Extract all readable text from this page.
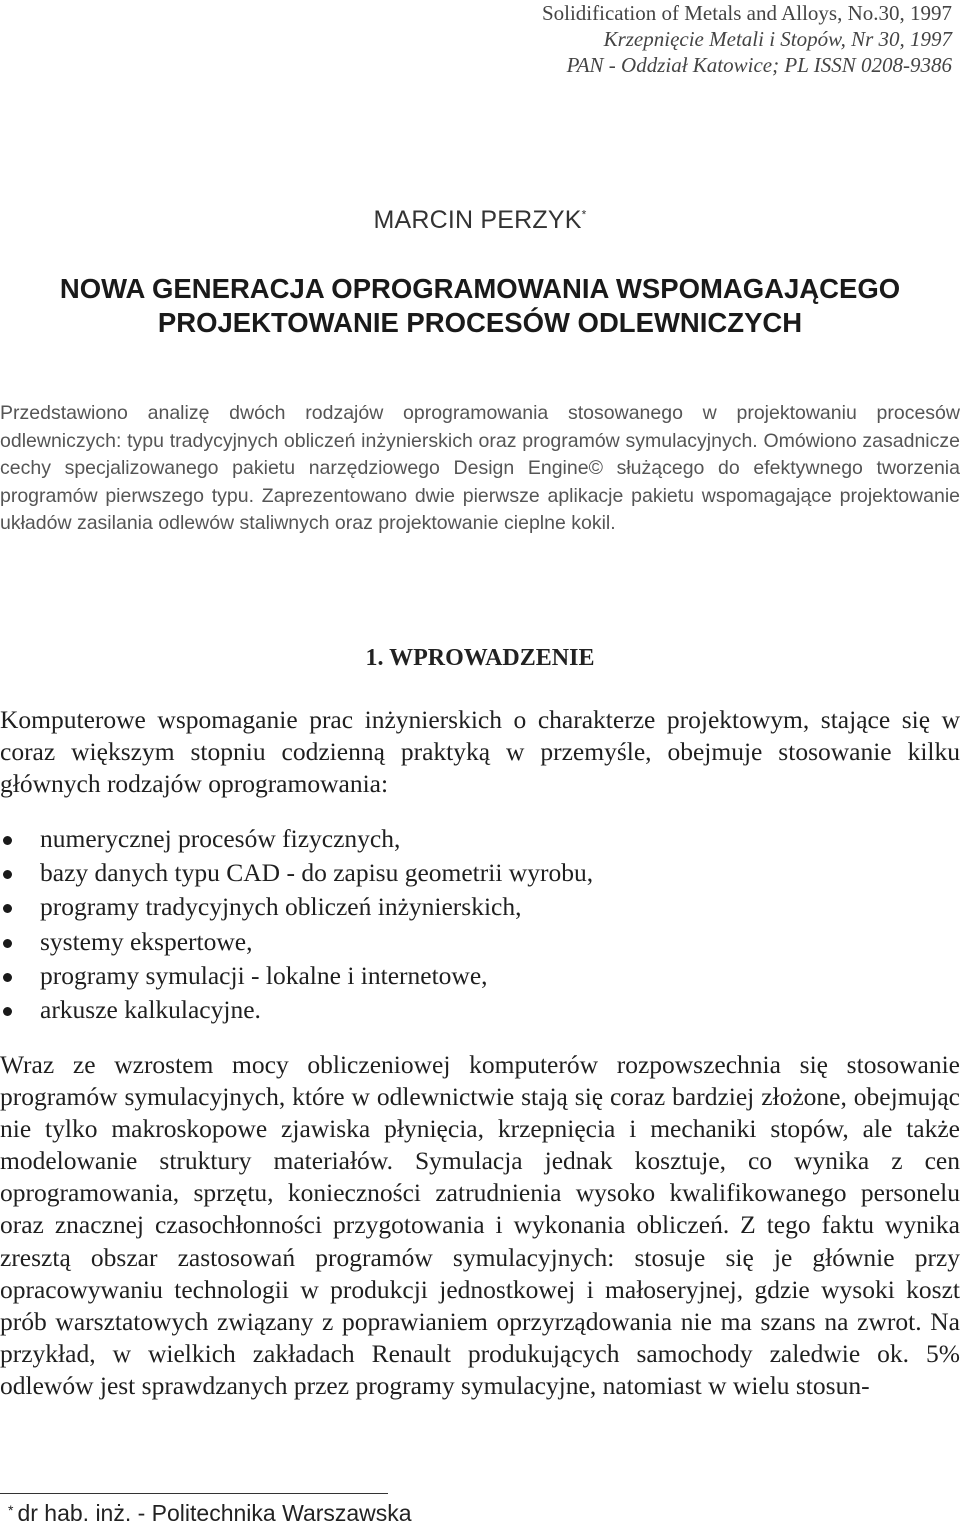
Solidification of Metals and Alloys, No.30, 1997
Krzepnięcie Metali i Stopów, Nr 30, 1997
PAN - Oddział Katowice; PL ISSN 0208-9386
MARCIN PERZYK*
NOWA GENERACJA OPROGRAMOWANIA WSPOMAGAJĄCEGO
PROJEKTOWANIE PROCESÓW ODLEWNICZYCH
Przedstawiono analizę dwóch rodzajów oprogramowania stosowanego w projektowaniu procesów odlewniczych: typu tradycyjnych obliczeń inżynierskich oraz programów symulacyjnych. Omówiono zasadnicze cechy specjalizowanego pakietu narzędziowego Design Engine© służącego do efektywnego tworzenia programów pierwszego typu. Zaprezentowano dwie pierwsze aplikacje pakietu wspomagające projektowanie układów zasilania odlewów staliwnych oraz projektowanie cieplne kokil.
1. WPROWADZENIE
Komputerowe wspomaganie prac inżynierskich o charakterze projektowym, stające się w coraz większym stopniu codzienną praktyką w przemyśle, obejmuje stosowanie kilku głównych rodzajów oprogramowania:
numerycznej procesów fizycznych,
bazy danych typu CAD - do zapisu geometrii wyrobu,
programy tradycyjnych obliczeń inżynierskich,
systemy ekspertowe,
programy symulacji - lokalne i internetowe,
arkusze kalkulacyjne.
Wraz ze wzrostem mocy obliczeniowej komputerów rozpowszechnia się stosowanie programów symulacyjnych, które w odlewnictwie stają się coraz bardziej złożone, obejmując nie tylko makroskopowe zjawiska płynięcia, krzepnięcia i mechaniki stopów, ale także modelowanie struktury materiałów. Symulacja jednak kosztuje, co wynika z cen oprogramowania, sprzętu, konieczności zatrudnienia wysoko kwalifikowanego personelu oraz znacznej czasochłonności przygotowania i wykonania obliczeń. Z tego faktu wynika zresztą obszar zastosowań programów symulacyjnych: stosuje się je głównie przy opracowywaniu technologii w produkcji jednostkowej i małoseryjnej, gdzie wysoki koszt prób warsztatowych związany z poprawianiem oprzyrządowania nie ma szans na zwrot. Na przykład, w wielkich zakładach Renault produkujących samochody zaledwie ok. 5% odlewów jest sprawdzanych przez programy symulacyjne, natomiast w wielu stosun-
* dr hab. inż. - Politechnika Warszawska
